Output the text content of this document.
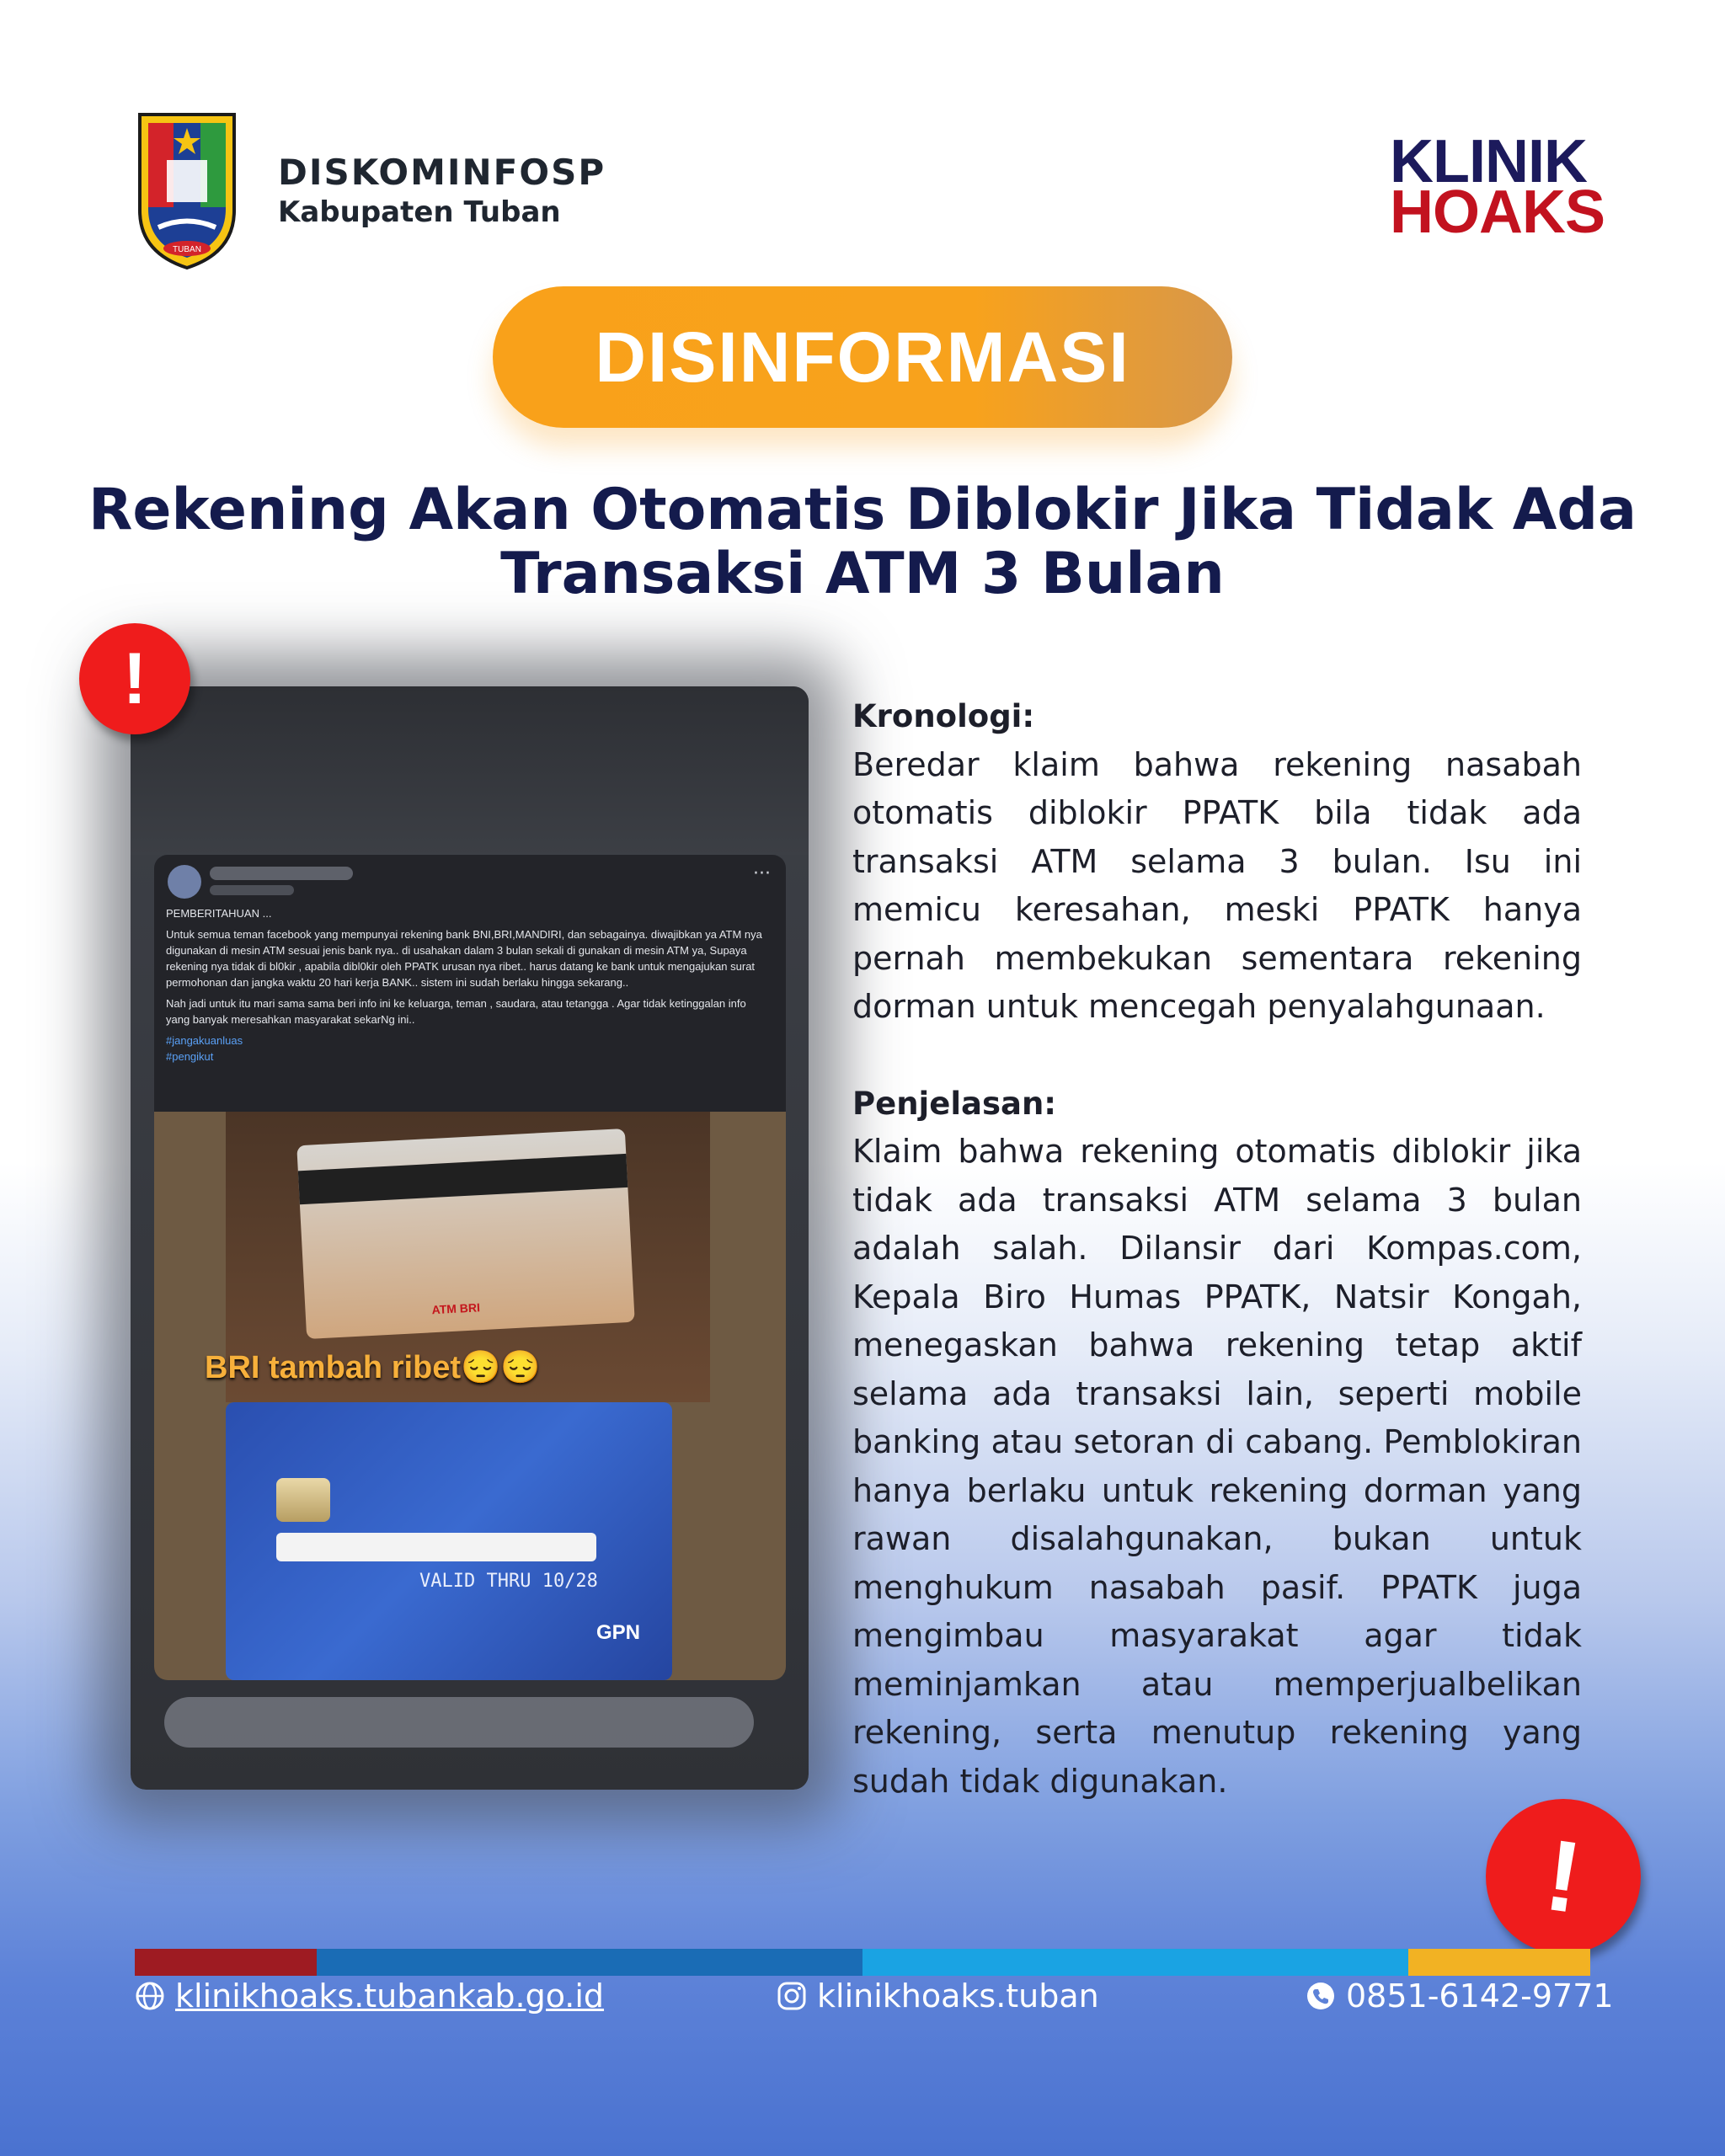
TUBAN
DISKOMINFOSP
Kabupaten Tuban
KLINIK
HOAKS
DISINFORMASI
Rekening Akan Otomatis Diblokir Jika Tidak Ada Transaksi ATM 3 Bulan
···

PEMBERITAHUAN ...

Untuk semua teman facebook yang mempunyai rekening bank BNI,BRI,MANDIRI, dan sebagainya. diwajibkan ya ATM nya digunakan di mesin ATM sesuai jenis bank nya.. di usahakan dalam 3 bulan sekali di gunakan di mesin ATM ya, Supaya rekening nya tidak di bl0kir , apabila dibl0kir oleh PPATK urusan nya ribet.. harus datang ke bank untuk mengajukan surat permohonan dan jangka waktu 20 hari kerja BANK.. sistem ini sudah berlaku hingga sekarang..

Nah jadi untuk itu mari sama sama beri info ini ke keluarga, teman , saudara, atau tetangga . Agar tidak ketinggalan info yang banyak meresahkan masyarakat sekarNg ini..

#jangakuanluas
#pengikut
ATM BRI
BRI tambah ribet😔😔
VALID THRU 10/28
GPN
!	Kronologi:

Beredar klaim bahwa rekening nasabah otomatis diblokir PPATK bila tidak ada transaksi ATM selama 3 bulan. Isu ini memicu keresahan, meski PPATK hanya pernah membekukan sementara rekening dorman untuk mencegah penyalahgunaan.

Penjelasan:

Klaim bahwa rekening otomatis diblokir jika tidak ada transaksi ATM selama 3 bulan adalah salah. Dilansir dari Kompas.com, Kepala Biro Humas PPATK, Natsir Kongah, menegaskan bahwa rekening tetap aktif selama ada transaksi lain, seperti mobile banking atau setoran di cabang. Pemblokiran hanya berlaku untuk rekening dorman yang rawan disalahgunakan, bukan untuk menghukum nasabah pasif. PPATK juga mengimbau masyarakat agar tidak meminjamkan atau memperjualbelikan rekening, serta menutup rekening yang sudah tidak digunakan.

!
klinikhoaks.tubankab.go.id	klinikhoaks.tuban	0851-6142-9771
